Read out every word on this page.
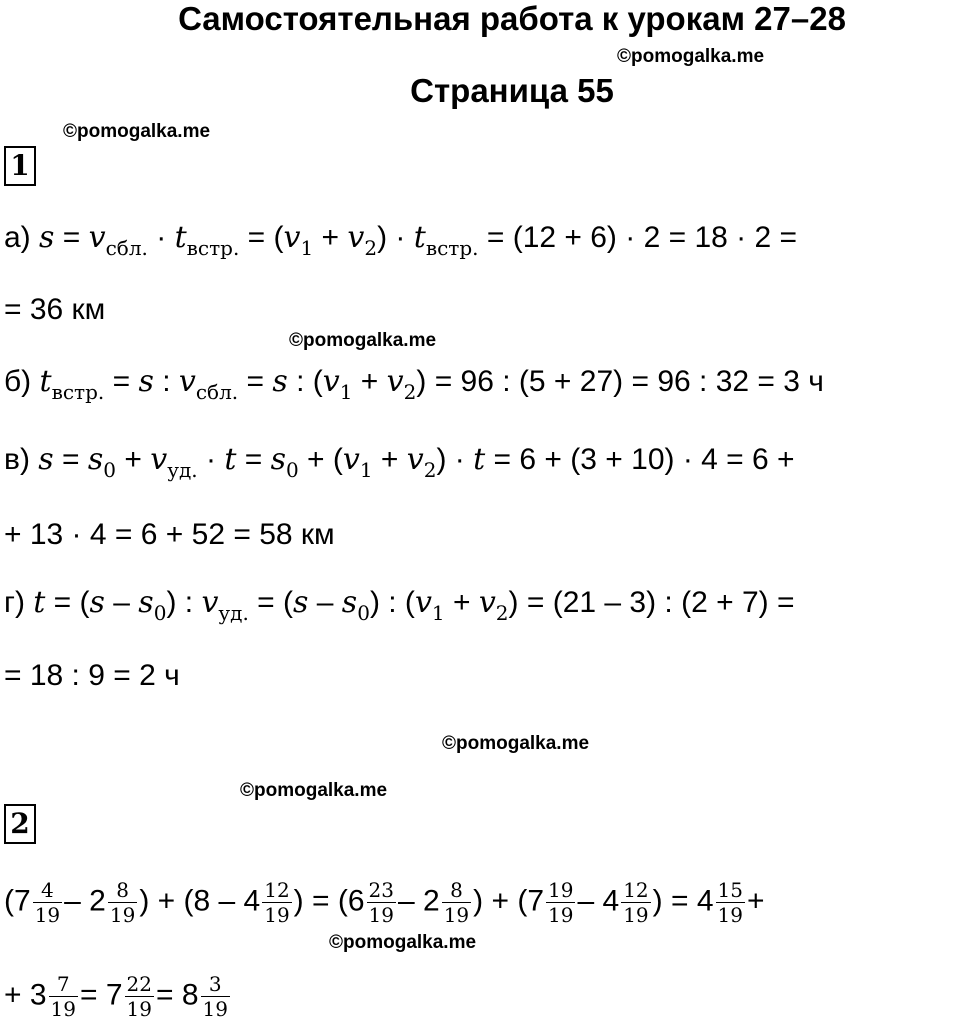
Самостоятельная работа к урокам 27–28
©pomogalka.me
Страница 55
©pomogalka.me
1
а) $s = v_{сбл.} \cdot t_{встр.} = (v_1 + v_2) \cdot t_{встр.} = (12 + 6) \cdot 2 = 18 \cdot 2$ =
= 36 км
©pomogalka.me
б) $t_{встр.} = s$ : $v_{сбл.} = s$ : $(v_1 + v_2) = 96$ : (5 + 27) = 96 : 32 = 3 ч
в) $s = s_0 + v_{уд.} \cdot t = s_0 + (v_1 + v_2) \cdot t = 6 + (3 + 10) \cdot 4 = 6$ +
+ 13 · 4 = 6 + 52 = 58 км
г) $t = (s - s_0)$ : $v_{уд.} = (s - s_0)$ : $(v_1 + v_2) = (21 - 3)$ : (2 + 7) =
= 18 : 9 = 2 ч
©pomogalka.me
©pomogalka.me
2
($7 \frac{4}{19} - 2 \frac{8}{19}$ ) + ($8 - 4 \frac{12}{19}$ ) = ($6 \frac{23}{19} - 2 \frac{8}{19}$ ) + ($7 \frac{19}{19} - 4 \frac{12}{19}$ ) = $4 \frac{15}{19}$ +
©pomogalka.me
+ $3 \frac{7}{19} = 7 \frac{22}{19} = 8 \frac{3}{19}$
